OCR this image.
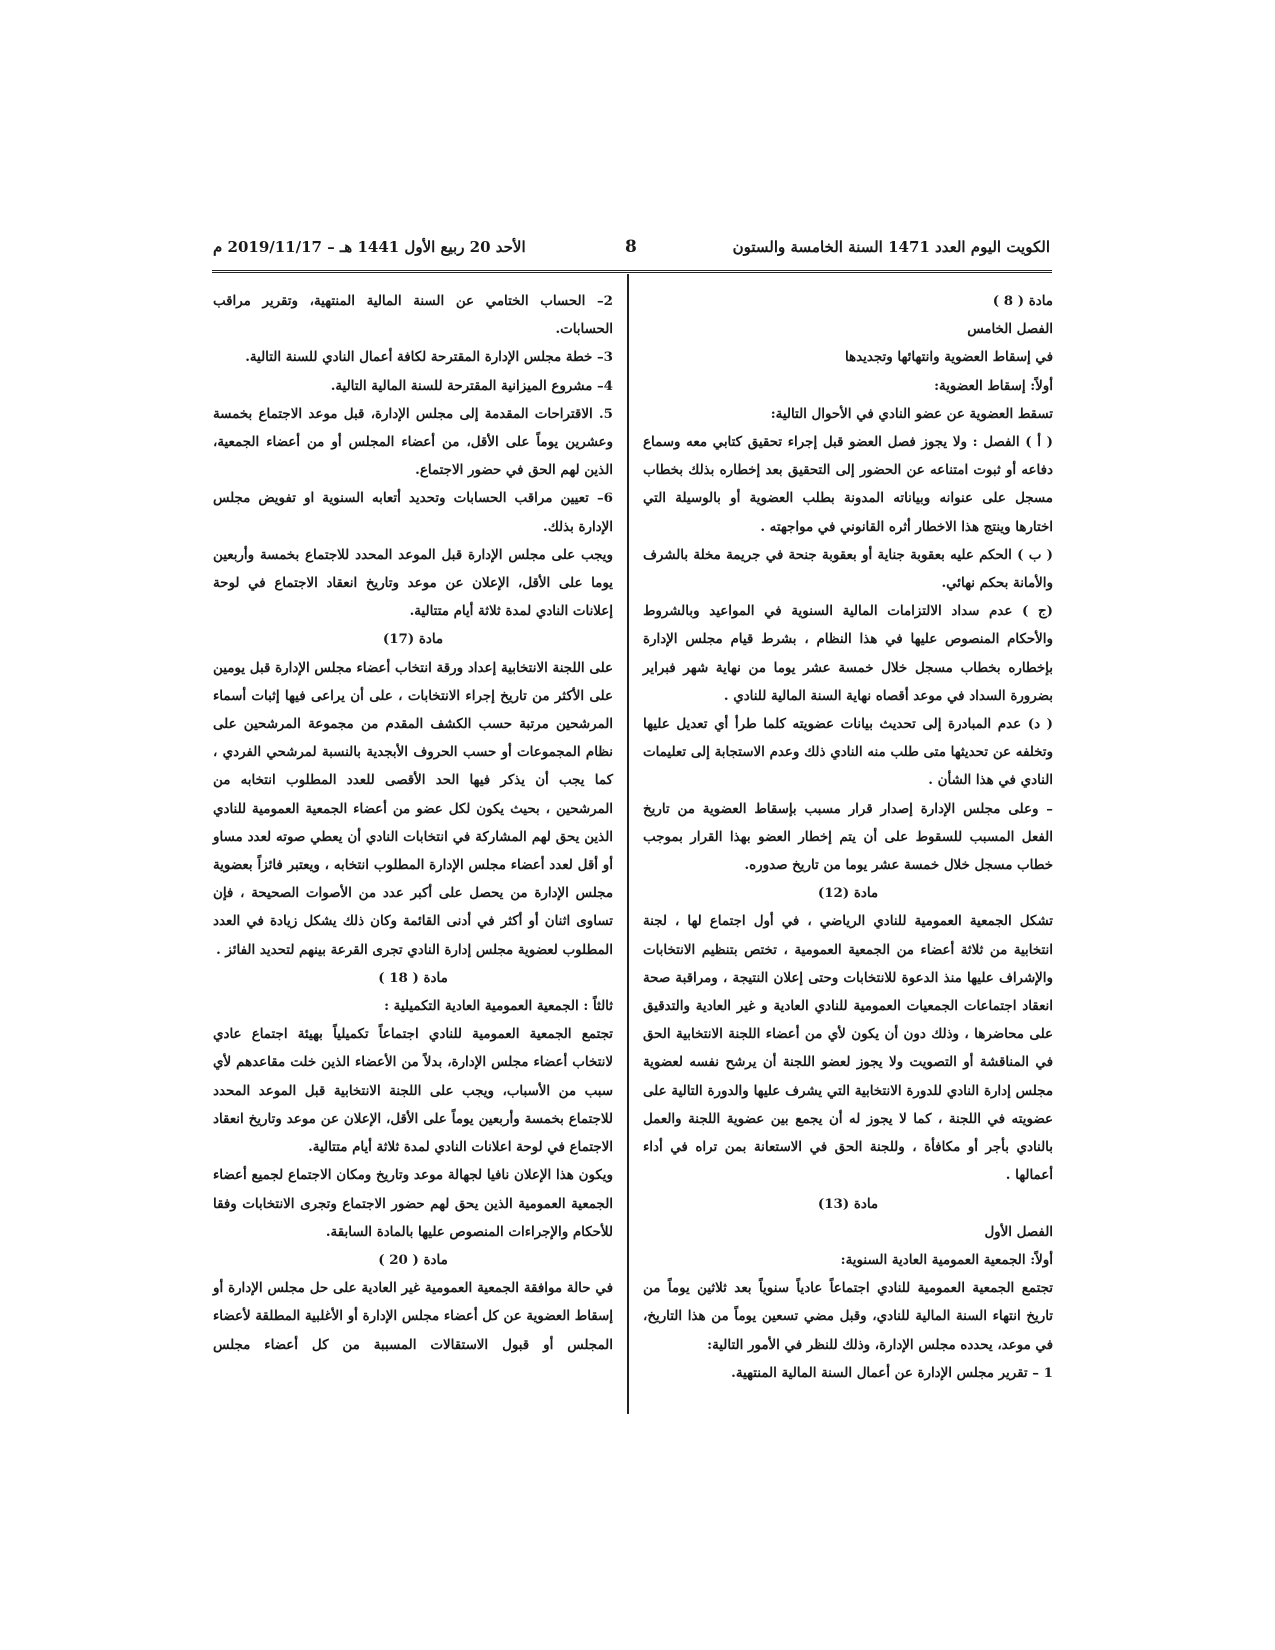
الكويت اليوم العدد 1471 السنة الخامسة والستون
8
الأحد 20 ربيع الأول 1441 هـ – 2019/11/17 م

مادة ( 8 )

الفصل الخامس

في إسقاط العضوية وانتهائها وتجديدها

أولاً: إسقاط العضوية:

تسقط العضوية عن عضو النادي في الأحوال التالية:

( أ ) الفصل : ولا يجوز فصل العضو قبل إجراء تحقيق كتابي معه وسماع دفاعه أو ثبوت امتناعه عن الحضور إلى التحقيق بعد إخطاره بذلك بخطاب مسجل على عنوانه وبياناته المدونة بطلب العضوية أو بالوسيلة التي اختارها وينتج هذا الاخطار أثره القانوني في مواجهته .

( ب ) الحكم عليه بعقوبة جناية أو بعقوبة جنحة في جريمة مخلة بالشرف والأمانة بحكم نهائي.

(ج ) عدم سداد الالتزامات المالية السنوية في المواعيد وبالشروط والأحكام المنصوص عليها في هذا النظام ، بشرط قيام مجلس الإدارة بإخطاره بخطاب مسجل خلال خمسة عشر يوما من نهاية شهر فبراير بضرورة السداد في موعد أقصاه نهاية السنة المالية للنادي .

( د) عدم المبادرة إلى تحديث بيانات عضويته كلما طرأ أي تعديل عليها وتخلفه عن تحديثها متى طلب منه النادي ذلك وعدم الاستجابة إلى تعليمات النادي في هذا الشأن .

– وعلى مجلس الإدارة إصدار قرار مسبب بإسقاط العضوية من تاريخ الفعل المسبب للسقوط على أن يتم إخطار العضو بهذا القرار بموجب خطاب مسجل خلال خمسة عشر يوما من تاريخ صدوره.

مادة (12)

تشكل الجمعية العمومية للنادي الرياضي ، في أول اجتماع لها ، لجنة انتخابية من ثلاثة أعضاء من الجمعية العمومية ، تختص بتنظيم الانتخابات والإشراف عليها منذ الدعوة للانتخابات وحتى إعلان النتيجة ، ومراقبة صحة انعقاد اجتماعات الجمعيات العمومية للنادي العادية و غير العادية والتدقيق على محاضرها ، وذلك دون أن يكون لأي من أعضاء اللجنة الانتخابية الحق في المناقشة أو التصويت ولا يجوز لعضو اللجنة أن يرشح نفسه لعضوية مجلس إدارة النادي للدورة الانتخابية التي يشرف عليها والدورة التالية على عضويته في اللجنة ، كما لا يجوز له أن يجمع بين عضوية اللجنة والعمل بالنادي بأجر أو مكافأة ، وللجنة الحق في الاستعانة بمن تراه في أداء أعمالها .

مادة (13)

الفصل الأول

أولاً: الجمعية العمومية العادية السنوية:

تجتمع الجمعية العمومية للنادي اجتماعاً عادياً سنوياً بعد ثلاثين يوماً من تاريخ انتهاء السنة المالية للنادي، وقبل مضي تسعين يوماً من هذا التاريخ، في موعد، يحدده مجلس الإدارة، وذلك للنظر في الأمور التالية:

1 – تقرير مجلس الإدارة عن أعمال السنة المالية المنتهية.

2– الحساب الختامي عن السنة المالية المنتهية، وتقرير مراقب الحسابات.

3– خطة مجلس الإدارة المقترحة لكافة أعمال النادي للسنة التالية.

4– مشروع الميزانية المقترحة للسنة المالية التالية.

5. الاقتراحات المقدمة إلى مجلس الإدارة، قبل موعد الاجتماع بخمسة وعشرين يوماً على الأقل، من أعضاء المجلس أو من أعضاء الجمعية، الذين لهم الحق في حضور الاجتماع.

6– تعيين مراقب الحسابات وتحديد أتعابه السنوية او تفويض مجلس الإدارة بذلك.

ويجب على مجلس الإدارة قبل الموعد المحدد للاجتماع بخمسة وأربعين يوما على الأقل، الإعلان عن موعد وتاريخ انعقاد الاجتماع في لوحة إعلانات النادي لمدة ثلاثة أيام متتالية.

مادة (17)

على اللجنة الانتخابية إعداد ورقة انتخاب أعضاء مجلس الإدارة قبل يومين على الأكثر من تاريخ إجراء الانتخابات ، على أن يراعى فيها إثبات أسماء المرشحين مرتبة حسب الكشف المقدم من مجموعة المرشحين على نظام المجموعات أو حسب الحروف الأبجدية بالنسبة لمرشحي الفردي ، كما يجب أن يذكر فيها الحد الأقصى للعدد المطلوب انتخابه من المرشحين ، بحيث يكون لكل عضو من أعضاء الجمعية العمومية للنادي الذين يحق لهم المشاركة في انتخابات النادي أن يعطي صوته لعدد مساو أو أقل لعدد أعضاء مجلس الإدارة المطلوب انتخابه ، ويعتبر فائزاً بعضوية مجلس الإدارة من يحصل على أكبر عدد من الأصوات الصحيحة ، فإن تساوى اثنان أو أكثر في أدنى القائمة وكان ذلك يشكل زيادة في العدد المطلوب لعضوية مجلس إدارة النادي تجرى القرعة بينهم لتحديد الفائز .

مادة ( 18 )

ثالثاً : الجمعية العمومية العادية التكميلية :

تجتمع الجمعية العمومية للنادي اجتماعاً تكميلياً بهيئة اجتماع عادي لانتخاب أعضاء مجلس الإدارة، بدلاً من الأعضاء الذين خلت مقاعدهم لأي سبب من الأسباب، ويجب على اللجنة الانتخابية قبل الموعد المحدد للاجتماع بخمسة وأربعين يوماً على الأقل، الإعلان عن موعد وتاريخ انعقاد الاجتماع في لوحة اعلانات النادي لمدة ثلاثة أيام متتالية.

ويكون هذا الإعلان نافيا لجهالة موعد وتاريخ ومكان الاجتماع لجميع أعضاء الجمعية العمومية الذين يحق لهم حضور الاجتماع وتجرى الانتخابات وفقا للأحكام والإجراءات المنصوص عليها بالمادة السابقة.

مادة ( 20 )

في حالة موافقة الجمعية العمومية غير العادية على حل مجلس الإدارة أو إسقاط العضوية عن كل أعضاء مجلس الإدارة أو الأغلبية المطلقة لأعضاء المجلس أو قبول الاستقالات المسببة من كل أعضاء مجلس
